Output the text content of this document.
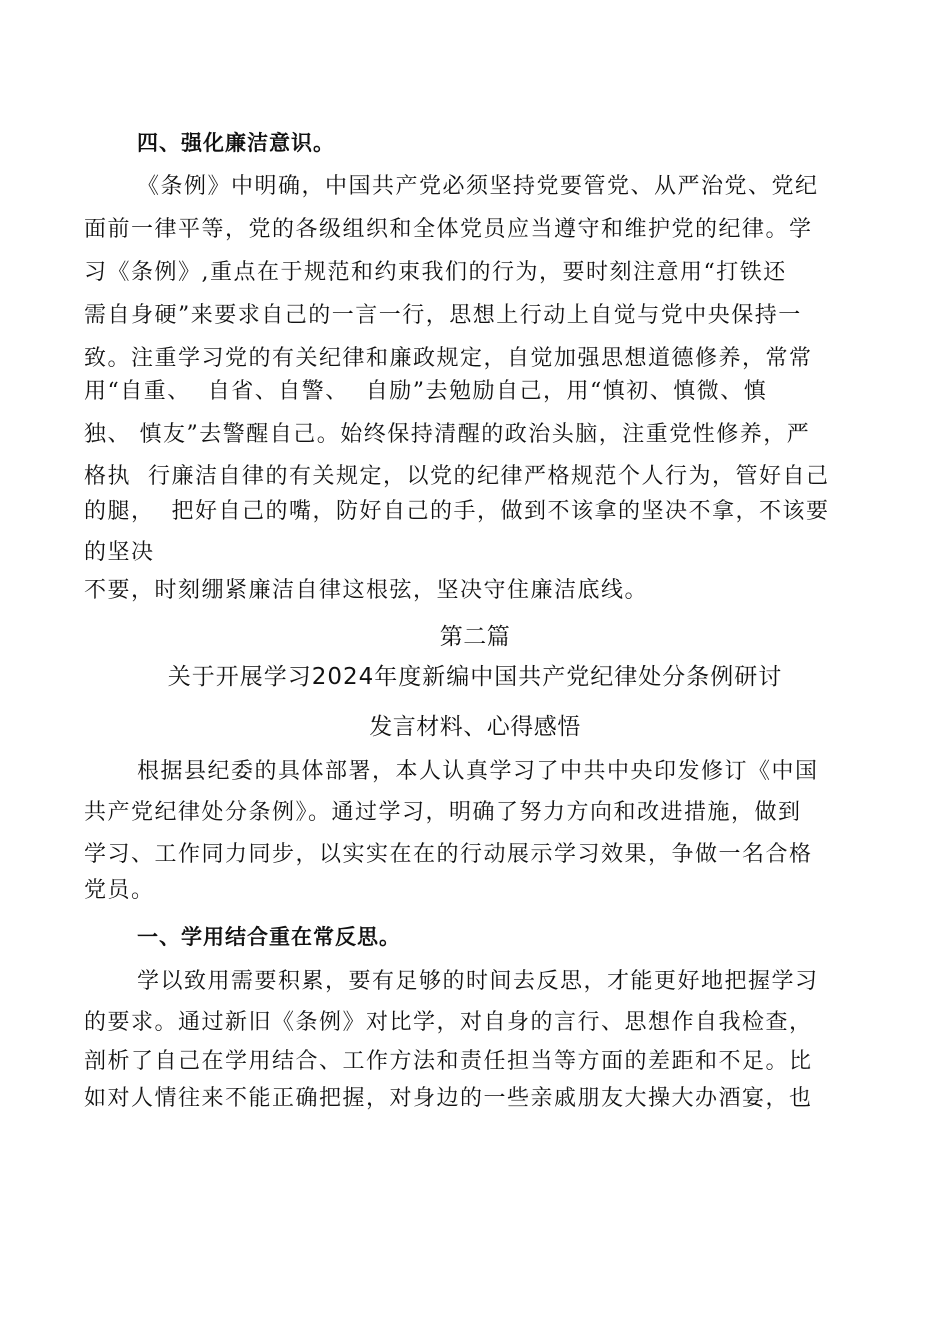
四、强化廉洁意识。
《条例》中明确，中国共产党必须坚持党要管党、从严治党、党纪
面前一律平等，党的各级组织和全体党员应当遵守和维护党的纪律。学
习《条例》,重点在于规范和约束我们的行为，要时刻注意用“打铁还
需自身硬”来要求自己的一言一行，思想上行动上自觉与党中央保持一
致。注重学习党的有关纪律和廉政规定，自觉加强思想道德修养，常常
用“自重、  自省、自警、  自励”去勉励自己，用“慎初、慎微、慎
独、 慎友”去警醒自己。始终保持清醒的政治头脑，注重党性修养，严
格执  行廉洁自律的有关规定，以党的纪律严格规范个人行为，管好自己
的腿，  把好自己的嘴，防好自己的手，做到不该拿的坚决不拿，不该要
的坚决
不要，时刻绷紧廉洁自律这根弦，坚决守住廉洁底线。
第二篇
关于开展学习2024年度新编中国共产党纪律处分条例研讨
发言材料、心得感悟
根据县纪委的具体部署，本人认真学习了中共中央印发修订《中国
共产党纪律处分条例》。通过学习，明确了努力方向和改进措施，做到
学习、工作同力同步，以实实在在的行动展示学习效果，争做一名合格
党员。
一、学用结合重在常反思。
学以致用需要积累，要有足够的时间去反思，才能更好地把握学习
的要求。通过新旧《条例》对比学，对自身的言行、思想作自我检查，
剖析了自己在学用结合、工作方法和责任担当等方面的差距和不足。比
如对人情往来不能正确把握，对身边的一些亲戚朋友大操大办酒宴，也
